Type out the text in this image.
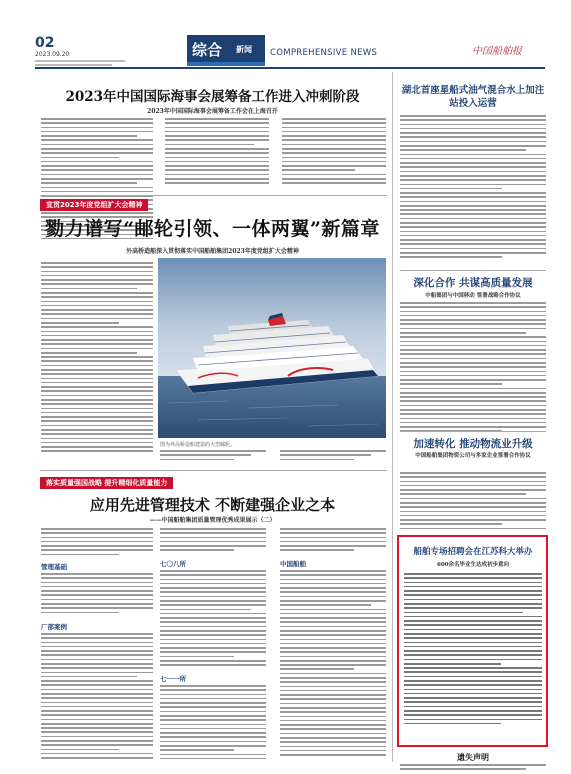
02
2023.09.20	综合 新闻 COMPREHENSIVE NEWS	中国船舶报
2023年中国国际海事会展筹备工作进入冲刺阶段
2023年中国国际海事会展筹备工作会在上海召开
宣贯2023年度党组扩大会精神
勠力谱写“邮轮引领、一体两翼”新篇章
外高桥造船深入贯彻落实中国船舶集团2023年度党组扩大会精神
图为外高桥造船建造的大型邮轮。
落实质量强国战略 提升精细化质量能力
应用先进管理技术 不断建强企业之本
——中国船舶集团质量管理优秀成果展示（二）
管理基础
厂部案例
七〇八所
七一一所
中国船舶
湖北首座星船式油气混合水上加注站投入运营
深化合作 共谋高质量发展
中船集团与中国移动 签署战略合作协议
加速转化 推动物流业升级
中国船舶集团物资公司与多家企业签署合作协议
船舶专场招聘会在江苏科大举办
600余名毕业生达成初步意向
遗失声明
